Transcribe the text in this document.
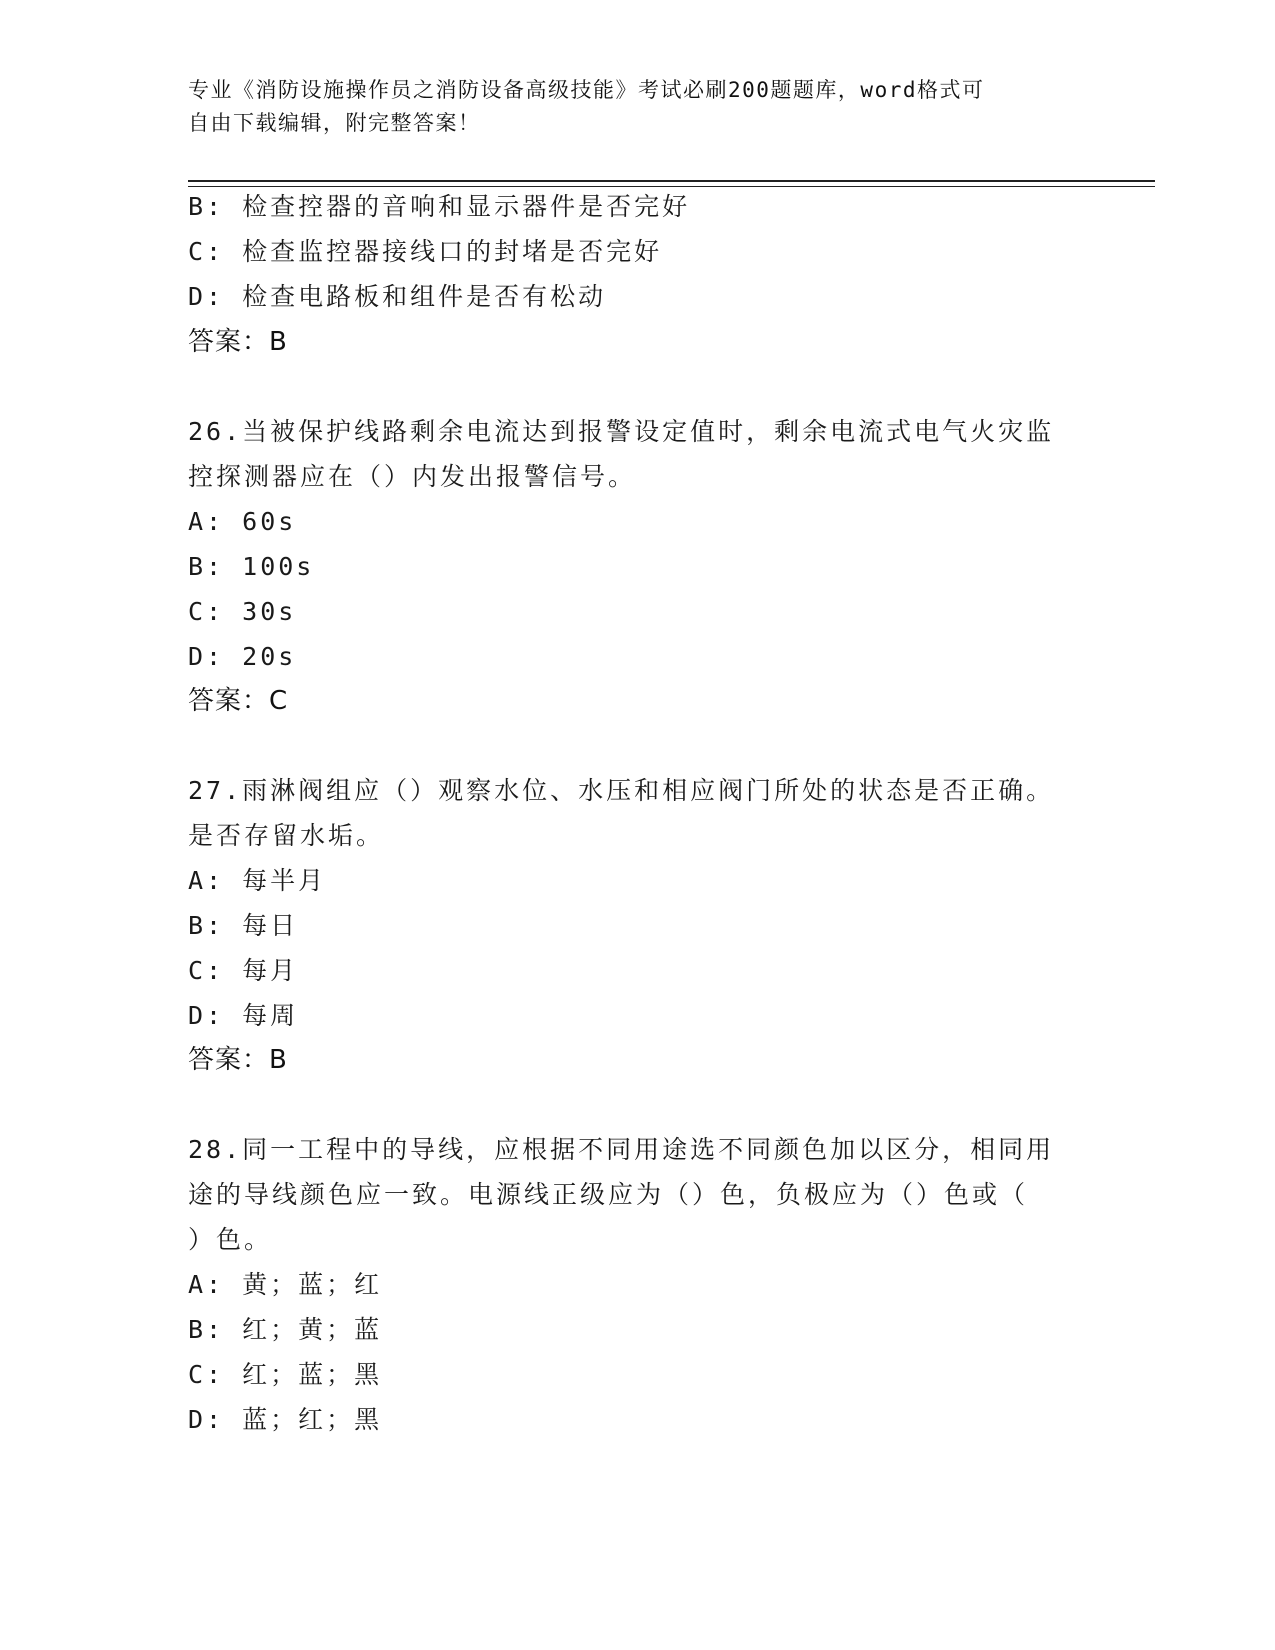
专业《消防设施操作员之消防设备高级技能》考试必刷200题题库，word格式可
自由下载编辑，附完整答案！
B: 检查控器的音响和显示器件是否完好
C: 检查监控器接线口的封堵是否完好
D: 检查电路板和组件是否有松动
答案：B
26.当被保护线路剩余电流达到报警设定值时，剩余电流式电气火灾监
控探测器应在（）内发出报警信号。
A: 60s
B: 100s
C: 30s
D: 20s
答案：C
27.雨淋阀组应（）观察水位、水压和相应阀门所处的状态是否正确。
是否存留水垢。
A: 每半月
B: 每日
C: 每月
D: 每周
答案：B
28.同一工程中的导线，应根据不同用途选不同颜色加以区分，相同用
途的导线颜色应一致。电源线正级应为（）色，负极应为（）色或（
）色。
A: 黄；蓝；红
B: 红；黄；蓝
C: 红；蓝；黑
D: 蓝；红；黑
